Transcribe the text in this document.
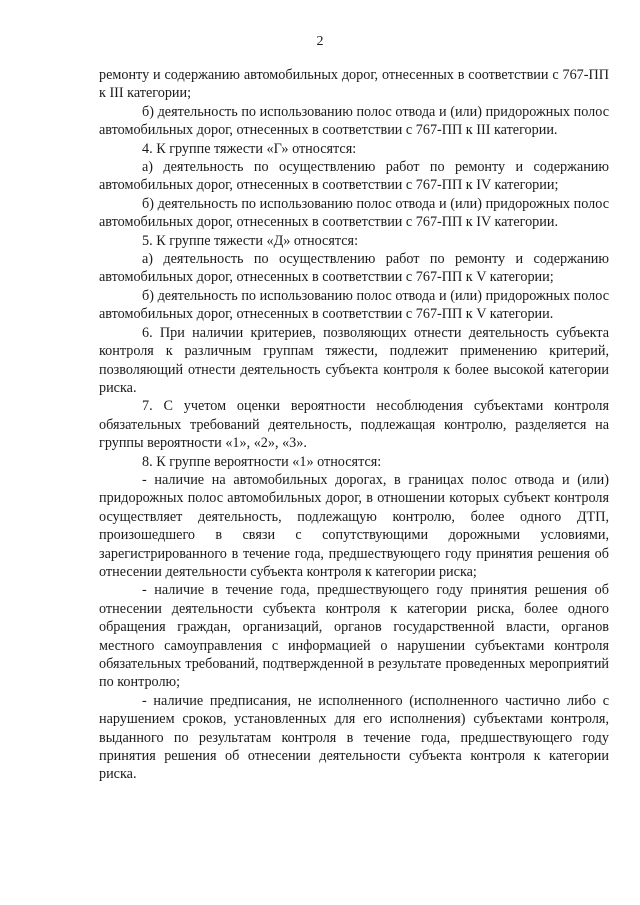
2

ремонту и содержанию автомобильных дорог, отнесенных в соответствии с 767-ПП к III категории;

б) деятельность по использованию полос отвода и (или) придорожных полос автомобильных дорог, отнесенных в соответствии с 767-ПП к III категории.

4. К группе тяжести «Г» относятся:

а) деятельность по осуществлению работ по ремонту и содержанию автомобильных дорог, отнесенных в соответствии с 767-ПП к IV категории;

б) деятельность по использованию полос отвода и (или) придорожных полос автомобильных дорог, отнесенных в соответствии с 767-ПП к IV категории.

5. К группе тяжести «Д» относятся:

а) деятельность по осуществлению работ по ремонту и содержанию автомобильных дорог, отнесенных в соответствии с 767-ПП к V категории;

б) деятельность по использованию полос отвода и (или) придорожных полос автомобильных дорог, отнесенных в соответствии с 767-ПП к V категории.

6. При наличии критериев, позволяющих отнести деятельность субъекта контроля к различным группам тяжести, подлежит применению критерий, позволяющий отнести деятельность субъекта контроля к более высокой категории риска.

7. С учетом оценки вероятности несоблюдения субъектами контроля обязательных требований деятельность, подлежащая контролю, разделяется на группы вероятности «1», «2», «3».

8. К группе вероятности «1» относятся:

- наличие на автомобильных дорогах, в границах полос отвода и (или) придорожных полос автомобильных дорог, в отношении которых субъект контроля осуществляет деятельность, подлежащую контролю, более одного ДТП, произошедшего в связи с сопутствующими дорожными условиями, зарегистрированного в течение года, предшествующего году принятия решения об отнесении деятельности субъекта контроля к категории риска;

- наличие в течение года, предшествующего году принятия решения об отнесении деятельности субъекта контроля к категории риска, более одного обращения граждан, организаций, органов государственной власти, органов местного самоуправления с информацией о нарушении субъектами контроля обязательных требований, подтвержденной в результате проведенных мероприятий по контролю;

- наличие предписания, не исполненного (исполненного частично либо с нарушением сроков, установленных для его исполнения) субъектами контроля, выданного по результатам контроля в течение года, предшествующего году принятия решения об отнесении деятельности субъекта контроля к категории риска.
